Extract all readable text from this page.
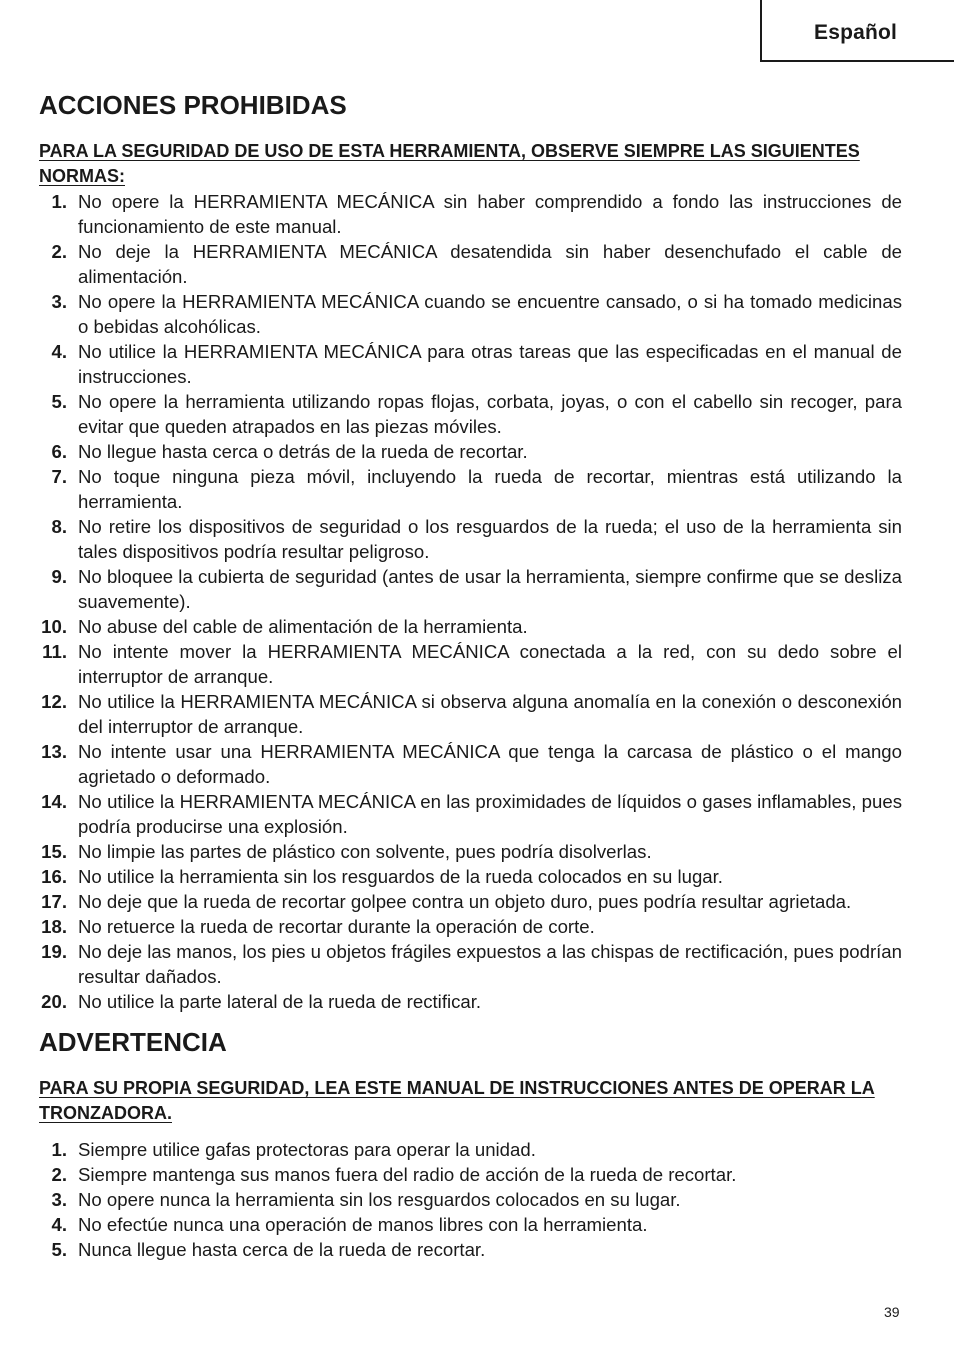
Español
ACCIONES PROHIBIDAS

PARA LA SEGURIDAD DE USO DE ESTA HERRAMIENTA, OBSERVE SIEMPRE LAS SIGUIENTES NORMAS:

1. No opere la HERRAMIENTA MECÁNICA sin haber comprendido a fondo las instrucciones de funcionamiento de este manual.
2. No deje la HERRAMIENTA MECÁNICA desatendida sin haber desenchufado el cable de alimentación.
3. No opere la HERRAMIENTA MECÁNICA cuando se encuentre cansado, o si ha tomado medicinas o bebidas alcohólicas.
4. No utilice la HERRAMIENTA MECÁNICA para otras tareas que las especificadas en el manual de instrucciones.
5. No opere la herramienta utilizando ropas flojas, corbata, joyas, o con el cabello sin recoger, para evitar que queden atrapados en las piezas móviles.
6. No llegue hasta cerca o detrás de la rueda de recortar.
7. No toque ninguna pieza móvil, incluyendo la rueda de recortar, mientras está utilizando la herramienta.
8. No retire los dispositivos de seguridad o los resguardos de la rueda; el uso de la herramienta sin tales dispositivos podría resultar peligroso.
9. No bloquee la cubierta de seguridad (antes de usar la herramienta, siempre confirme que se desliza suavemente).
10. No abuse del cable de alimentación de la herramienta.
11. No intente mover la HERRAMIENTA MECÁNICA conectada a la red, con su dedo sobre el interruptor de arranque.
12. No utilice la HERRAMIENTA MECÁNICA si observa alguna anomalía en la conexión o desconexión del interruptor de arranque.
13. No intente usar una HERRAMIENTA MECÁNICA que tenga la carcasa de plástico o el mango agrietado o deformado.
14. No utilice la HERRAMIENTA MECÁNICA en las proximidades de líquidos o gases inflamables, pues podría producirse una explosión.
15. No limpie las partes de plástico con solvente, pues podría disolverlas.
16. No utilice la herramienta sin los resguardos de la rueda colocados en su lugar.
17. No deje que la rueda de recortar golpee contra un objeto duro, pues podría resultar agrietada.
18. No retuerce la rueda de recortar durante la operación de corte.
19. No deje las manos, los pies u objetos frágiles expuestos a las chispas de rectificación, pues podrían resultar dañados.
20. No utilice la parte lateral de la rueda de rectificar.
ADVERTENCIA

PARA SU PROPIA SEGURIDAD, LEA ESTE MANUAL DE INSTRUCCIONES ANTES DE OPERAR LA TRONZADORA.

1. Siempre utilice gafas protectoras para operar la unidad.
2. Siempre mantenga sus manos fuera del radio de acción de la rueda de recortar.
3. No opere nunca la herramienta sin los resguardos colocados en su lugar.
4. No efectúe nunca una operación de manos libres con la herramienta.
5. Nunca llegue hasta cerca de la rueda de recortar.
39
